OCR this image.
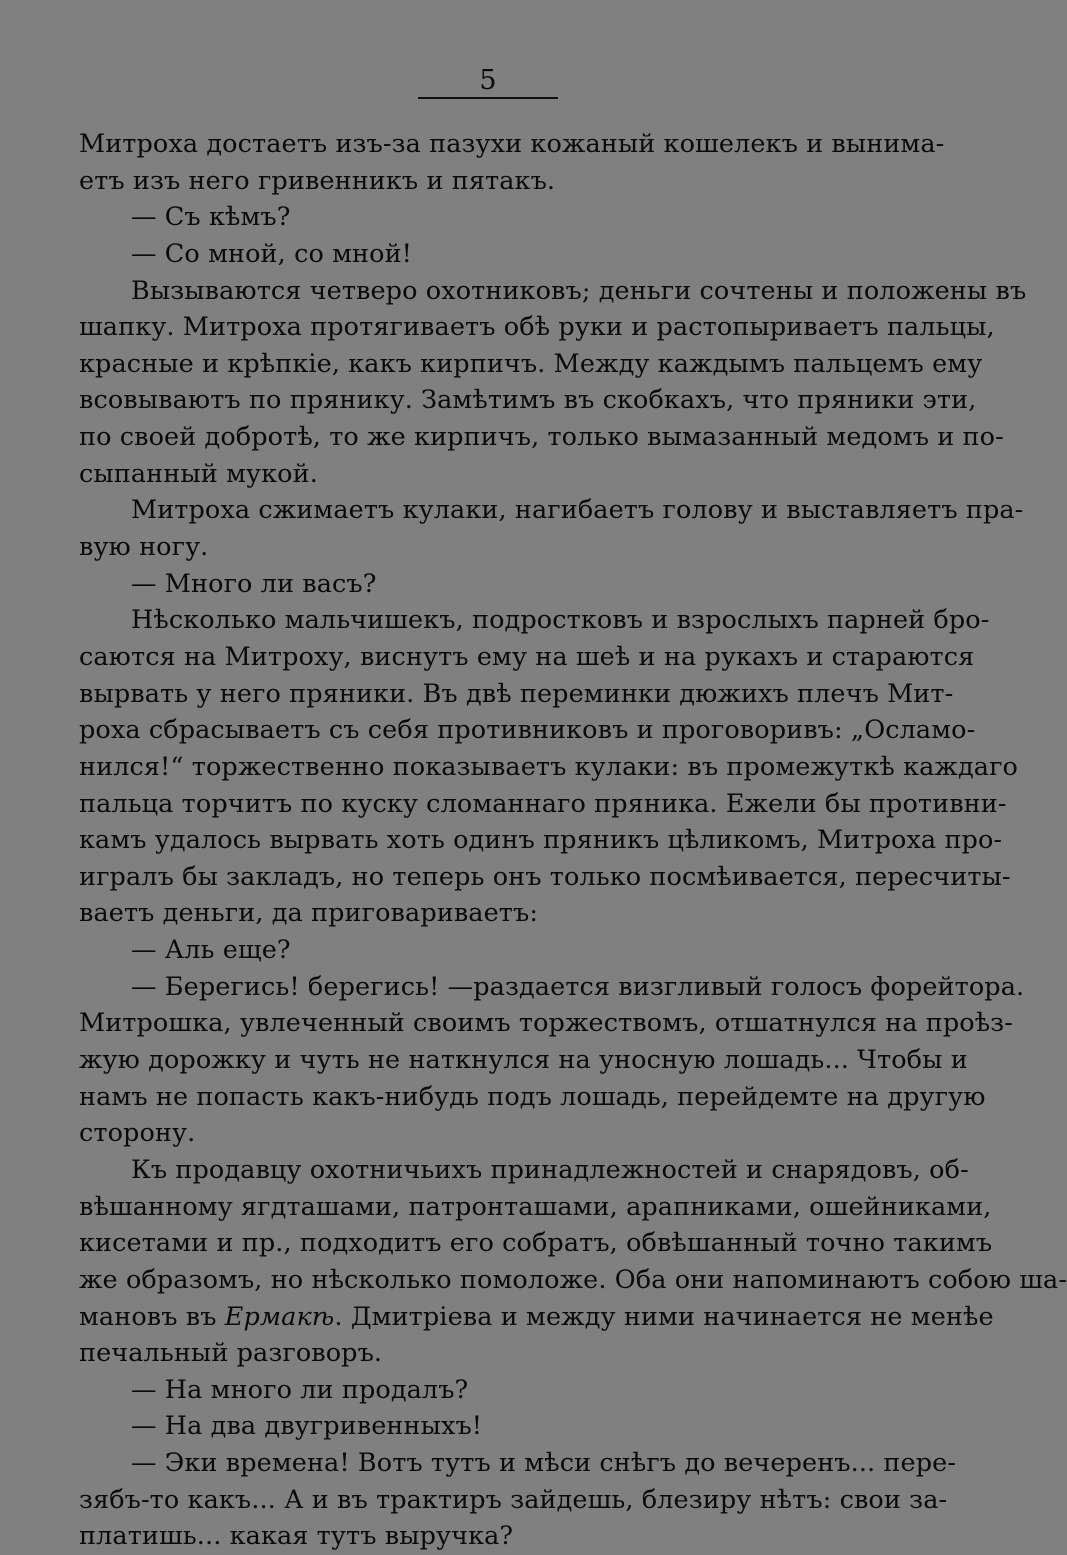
5
Митроха достаетъ изъ-за пазухи кожаный кошелекъ и вынима-
етъ изъ него гривенникъ и пятакъ.
— Съ кѣмъ?
— Со мной, со мной!
Вызываются четверо охотниковъ; деньги сочтены и положены въ
шапку. Митроха протягиваетъ обѣ руки и растопыриваетъ пальцы,
красные и крѣпкіе, какъ кирпичъ. Между каждымъ пальцемъ ему
всовываютъ по прянику. Замѣтимъ въ скобкахъ, что пряники эти,
по своей добротѣ, то же кирпичъ, только вымазанный медомъ и по-
сыпанный мукой.
Митроха сжимаетъ кулаки, нагибаетъ голову и выставляетъ пра-
вую ногу.
— Много ли васъ?
Нѣсколько мальчишекъ, подростковъ и взрослыхъ парней бро-
саются на Митроху, виснутъ ему на шеѣ и на рукахъ и стараются
вырвать у него пряники. Въ двѣ переминки дюжихъ плечъ Мит-
роха сбрасываетъ съ себя противниковъ и проговоривъ: „Осламо-
нился!“ торжественно показываетъ кулаки: въ промежуткѣ каждаго
пальца торчитъ по куску сломаннаго пряника. Ежели бы противни-
камъ удалось вырвать хоть одинъ пряникъ цѣликомъ, Митроха про-
игралъ бы закладъ, но теперь онъ только посмѣивается, пересчиты-
ваетъ деньги, да приговариваетъ:
— Аль еще?
— Берегись! берегись! —раздается визгливый голосъ форейтора.
Митрошка, увлеченный своимъ торжествомъ, отшатнулся на проѣз-
жую дорожку и чуть не наткнулся на уносную лошадь... Чтобы и
намъ не попасть какъ-нибудь подъ лошадь, перейдемте на другую
сторону.
Къ продавцу охотничьихъ принадлежностей и снарядовъ, об-
вѣшанному ягдташами, патронташами, арапниками, ошейниками,
кисетами и пр., подходитъ его собратъ, обвѣшанный точно такимъ
же образомъ, но нѣсколько помоложе. Оба они напоминаютъ собою ша-
мановъ въ Ермакѣ. Дмитріева и между ними начинается не менѣе
печальный разговоръ.
— На много ли продалъ?
— На два двугривенныхъ!
— Эки времена! Вотъ тутъ и мѣси снѣгъ до вечеренъ... пере-
зябъ-то какъ... А и въ трактиръ зайдешь, блезиру нѣтъ: свои за-
платишь... какая тутъ выручка?
